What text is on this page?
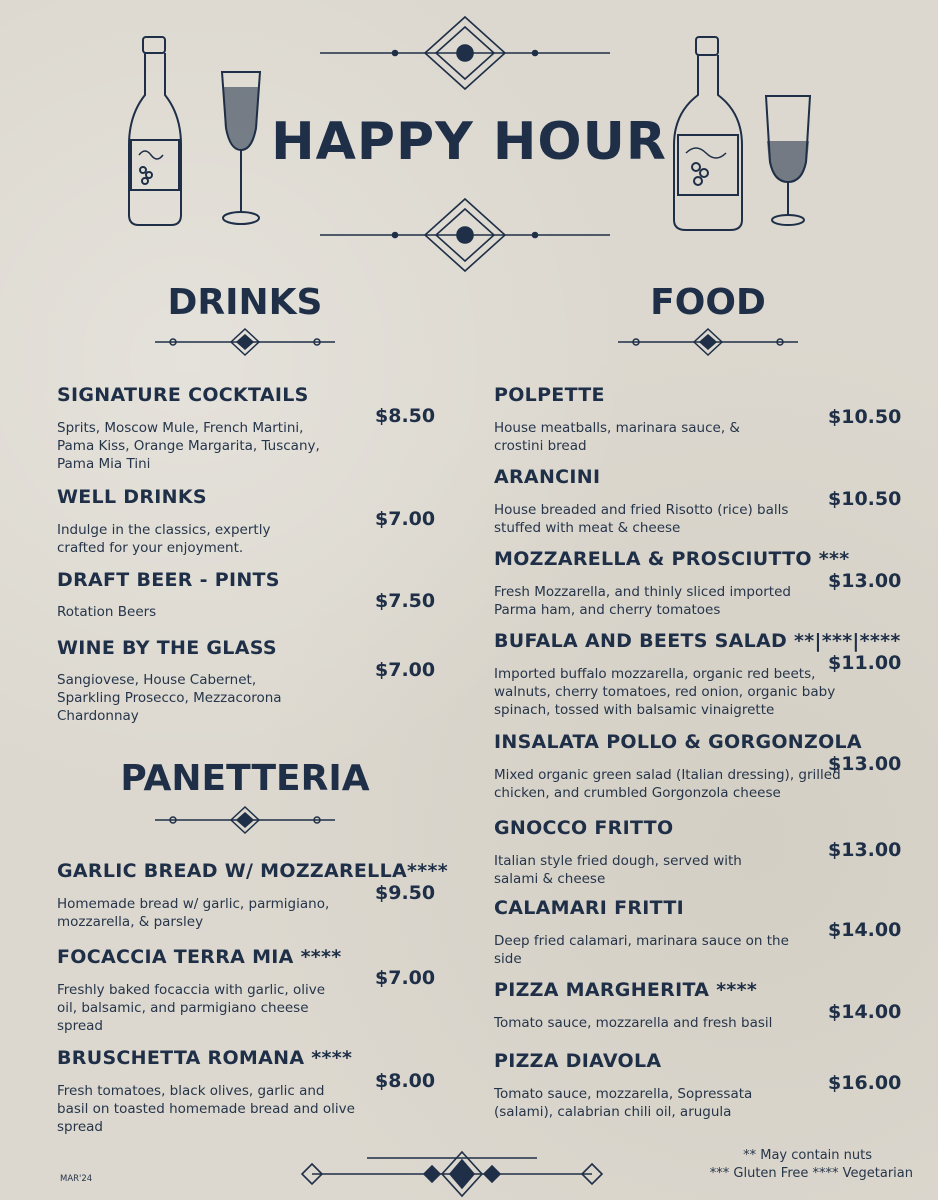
HAPPY HOUR
DRINKS	FOOD
PANETTERIA
SIGNATURE COCKTAILS
Sprits, Moscow Mule, French Martini, Pama Kiss, Orange Margarita, Tuscany, Pama Mia Tini
$8.50
WELL DRINKS
Indulge in the classics, expertly crafted for your enjoyment.
$7.00
DRAFT BEER - PINTS
Rotation Beers	$7.50
WINE BY THE GLASS
Sangiovese, House Cabernet, Sparkling Prosecco, Mezzacorona Chardonnay
$7.00
GARLIC BREAD W/ MOZZARELLA****
Homemade bread w/ garlic, parmigiano, mozzarella, & parsley
$9.50
FOCACCIA TERRA MIA ****
Freshly baked focaccia with garlic, olive oil, balsamic, and parmigiano cheese spread
$7.00
BRUSCHETTA ROMANA ****
Fresh tomatoes, black olives, garlic and basil on toasted homemade bread and olive spread
$8.00
POLPETTE
House meatballs, marinara sauce, & crostini bread
$10.50
ARANCINI
House breaded and fried Risotto (rice) balls stuffed with meat & cheese
$10.50
MOZZARELLA & PROSCIUTTO ***
Fresh Mozzarella, and thinly sliced imported Parma ham, and cherry tomatoes
$13.00
BUFALA AND BEETS SALAD **|***|****
Imported buffalo mozzarella, organic red beets, walnuts, cherry tomatoes, red onion, organic baby spinach, tossed with balsamic vinaigrette
$11.00
INSALATA POLLO & GORGONZOLA
Mixed organic green salad (Italian dressing), grilled chicken, and crumbled Gorgonzola cheese
$13.00
GNOCCO FRITTO
Italian style fried dough, served with salami & cheese
$13.00
CALAMARI FRITTI
Deep fried calamari, marinara sauce on the side
$14.00
PIZZA MARGHERITA ****
Tomato sauce, mozzarella and fresh basil	$14.00
PIZZA DIAVOLA
Tomato sauce, mozzarella, Sopressata (salami), calabrian chili oil, arugula
$16.00
MAR'24
** May contain nuts
*** Gluten Free **** Vegetarian
